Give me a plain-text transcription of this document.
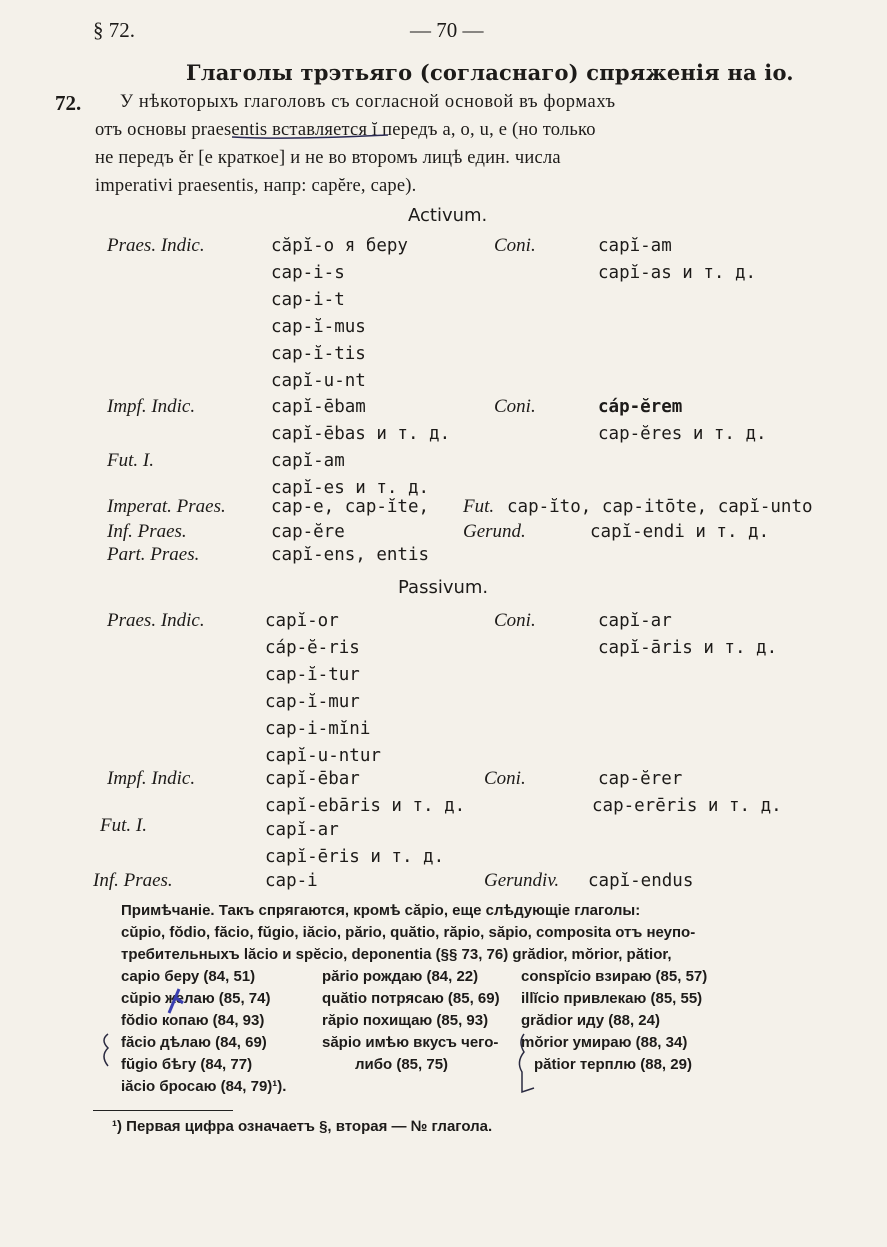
§ 72.	— 70 —
Глаголы трэтьяго (согласнаго) спряженія на io.
72. У нѣкоторыхъ глаголовъ съ согласной основой въ формахъ
отъ основы praesentis вставляется ĭ передъ a, o, u, e (но только
не передъ ĕr [e краткое] и не во второмъ лицѣ един. числа
imperativi praesentis, напр: capĕre, cape).
Activum.
Praes. Indic.	căpĭ-o я беру	Coni.	capĭ-am
cap-i-s	capĭ-as и т. д.
cap-i-t
cap-ĭ-mus
cap-ĭ-tis
capĭ-u-nt
Impf. Indic.	capĭ-ēbam	Coni.	cáp-ĕrem
capĭ-ēbas и т. д.	cap-ĕres и т. д.
Fut. I.	capĭ-am
capĭ-es и т. д.
Imperat. Praes.	cap-e, cap-ĭte, Fut. cap-ĭto, cap-itōte, capĭ-unto
Inf. Praes.	cap-ĕre	Gerund.	capĭ-endi и т. д.
Part. Praes.	capĭ-ens, entis
Passivum.
Praes. Indic.	capĭ-or	Coni.	capĭ-ar
cáp-ĕ-ris	capĭ-āris и т. д.
cap-ĭ-tur
cap-ĭ-mur
cap-i-mĭni
capĭ-u-ntur
Impf. Indic.	capĭ-ēbar	Coni.	cap-ĕrer
capĭ-ebāris и т. д.	cap-erēris и т. д.
Fut. I.	capĭ-ar
capĭ-ēris и т. д.
Inf. Praes.	cap-i	Gerundiv. capĭ-endus
Примѣчаніе. Такъ спрягаются, кромѣ căpio, еще слѣдующіе глаголы:
cŭpio, fŏdio, făcio, fŭgio, iăcio, părio, quătio, răpio, săpio, composita отъ неупо-
требительныхъ lăcio и spĕcio, deponentia (§§ 73, 76) grădior, mŏrior, pătior,
capio беру (84, 51)	părio рождаю (84, 22)	conspĭcio взираю (85, 57)
cŭpio желаю (85, 74)	quătio потрясаю (85, 69) illĭcio привлекаю (85, 55)
fŏdio копаю (84, 93)	răpio похищаю (85, 93) grădior иду (88, 24)
făcio дѣлаю (84, 69)	săpio имѣю вкусъ чего- mŏrior умираю (88, 34)
fŭgio бѣгу (84, 77)	либо (85, 75)	pătior терплю (88, 29)
iăcio бросаю (84, 79)¹).
¹) Первая цифра означаетъ §, вторая — № глагола.
